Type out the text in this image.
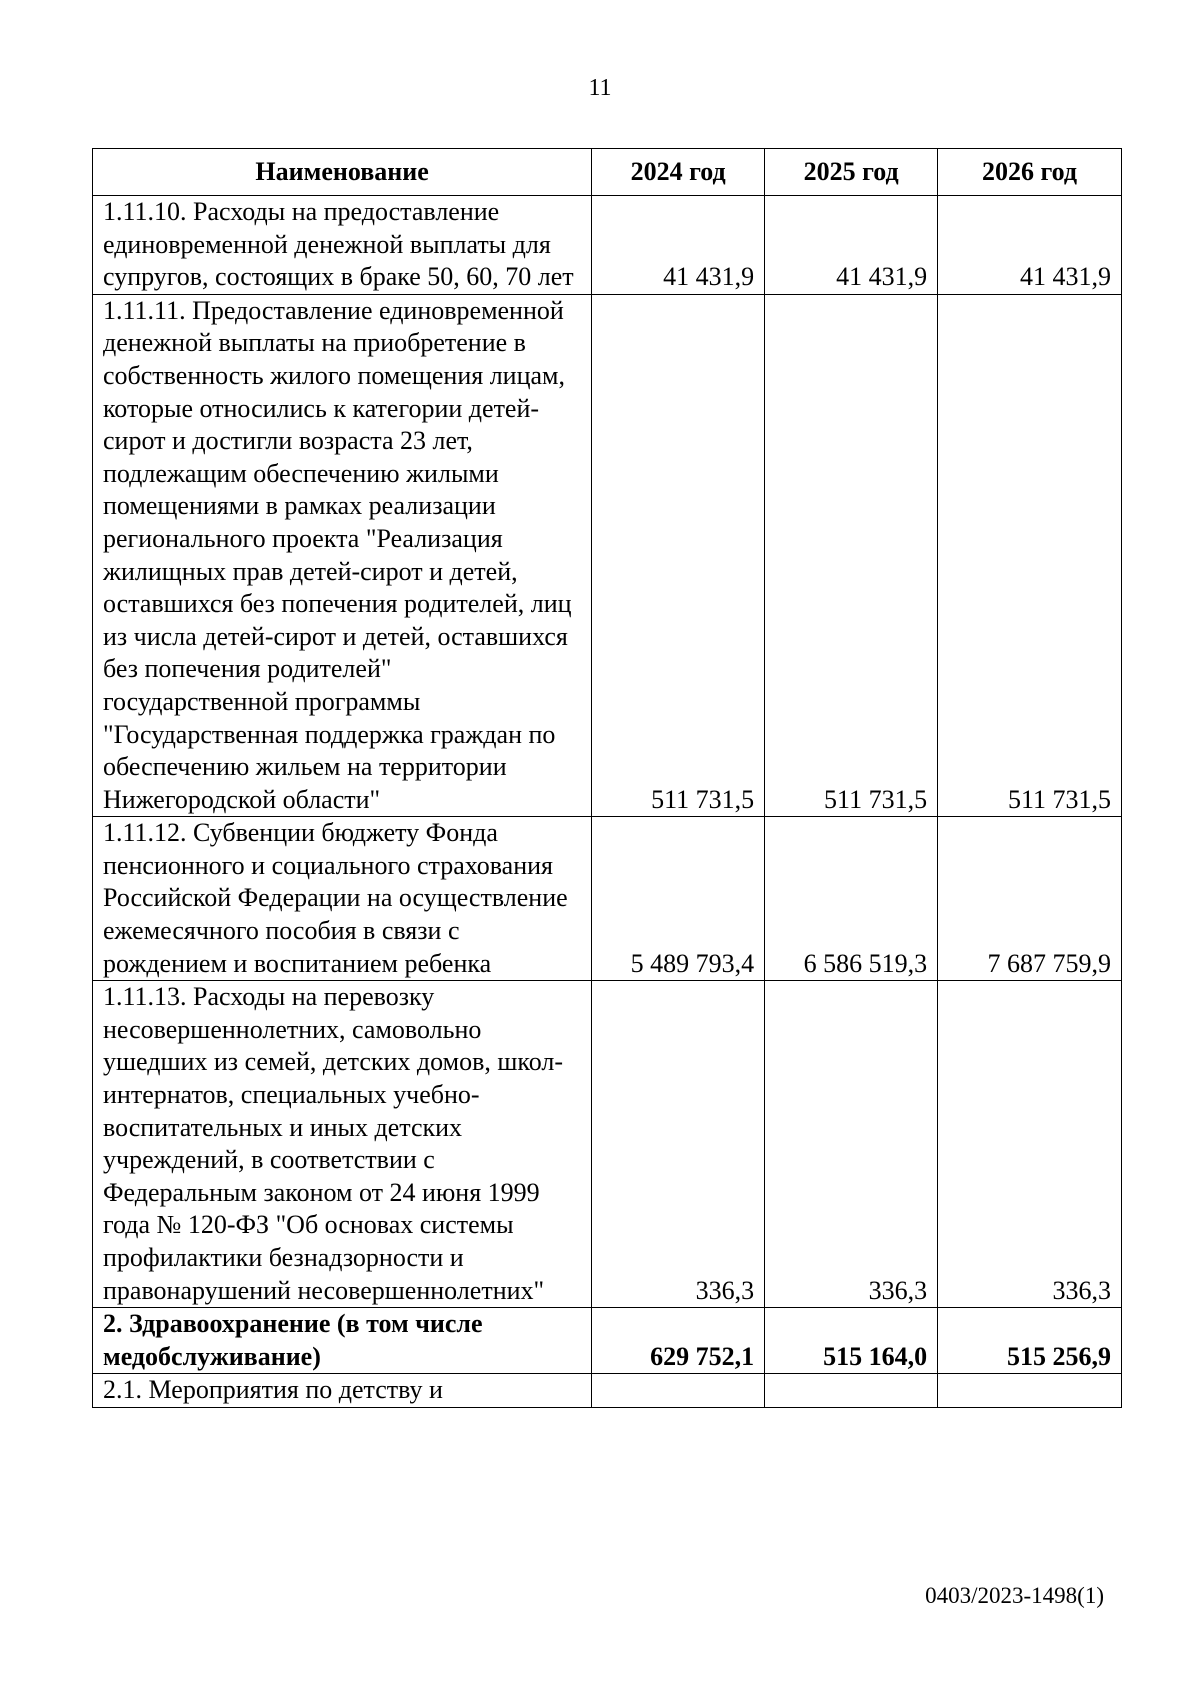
11
Наименование	2024 год	2025 год	2026 год
1.11.10. Расходы на предоставление единовременной денежной выплаты для супругов, состоящих в браке 50, 60, 70 лет	41 431,9	41 431,9	41 431,9
1.11.11. Предоставление единовременной денежной выплаты на приобретение в собственность жилого помещения лицам, которые относились к категории детей-сирот и достигли возраста 23 лет, подлежащим обеспечению жилыми помещениями в рамках реализации регионального проекта "Реализация жилищных прав детей-сирот и детей, оставшихся без попечения родителей, лиц из числа детей-сирот и детей, оставшихся без попечения родителей" государственной программы "Государственная поддержка граждан по обеспечению жильем на территории Нижегородской области"	511 731,5	511 731,5	511 731,5
1.11.12. Субвенции бюджету Фонда пенсионного и социального страхования Российской Федерации на осуществление ежемесячного пособия в связи с рождением и воспитанием ребенка	5 489 793,4	6 586 519,3	7 687 759,9
1.11.13. Расходы на перевозку несовершеннолетних, самовольно ушедших из семей, детских домов, школ-интернатов, специальных учебно-воспитательных и иных детских учреждений, в соответствии с Федеральным законом от 24 июня 1999 года № 120-ФЗ "Об основах системы профилактики безнадзорности и правонарушений несовершеннолетних"	336,3	336,3	336,3
2. Здравоохранение (в том числе медобслуживание)	629 752,1	515 164,0	515 256,9
2.1. Мероприятия по детству и			
0403/2023-1498(1)
